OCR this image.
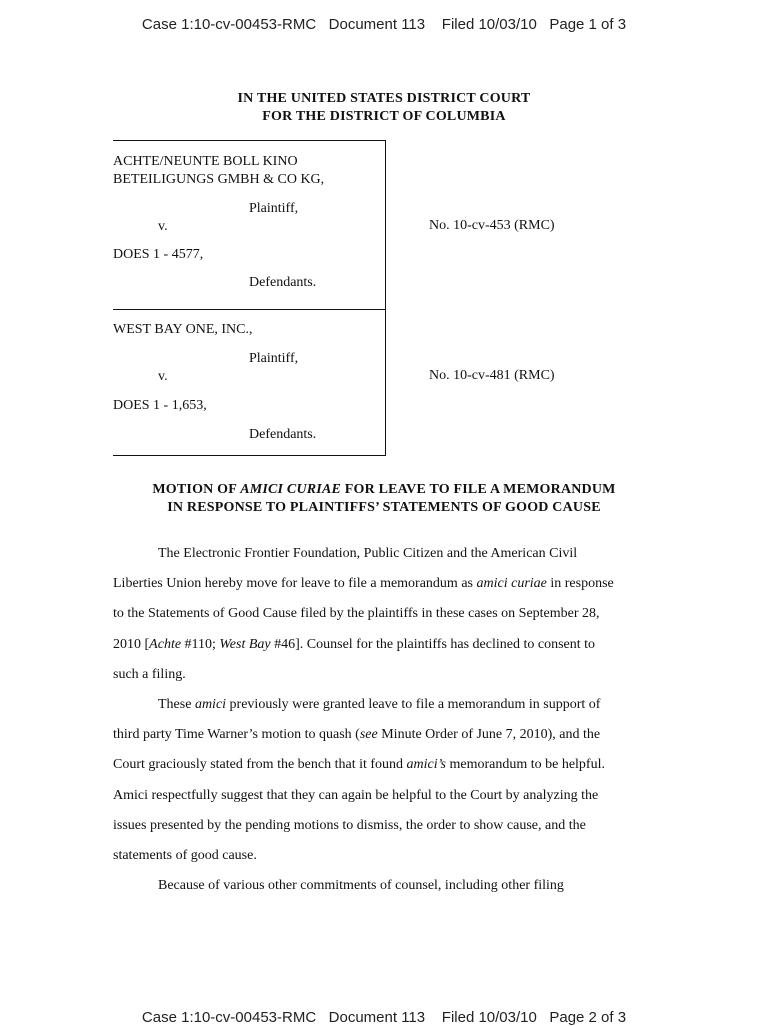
Case 1:10-cv-00453-RMC   Document 113    Filed 10/03/10   Page 1 of 3
IN THE UNITED STATES DISTRICT COURT
FOR THE DISTRICT OF COLUMBIA
ACHTE/NEUNTE BOLL KINO
BETEILIGUNGS GMBH & CO KG,
Plaintiff,
v.
DOES 1 - 4577,
Defendants.
WEST BAY ONE, INC.,
Plaintiff,
v.
DOES 1 - 1,653,
Defendants.
No. 10-cv-453 (RMC)
No. 10-cv-481 (RMC)
MOTION OF AMICI CURIAE FOR LEAVE TO FILE A MEMORANDUM
IN RESPONSE TO PLAINTIFFS’ STATEMENTS OF GOOD CAUSE

The Electronic Frontier Foundation, Public Citizen and the American Civil
Liberties Union hereby move for leave to file a memorandum as amici curiae in response
to the Statements of Good Cause filed by the plaintiffs in these cases on September 28,
2010 [Achte #110; West Bay #46]. Counsel for the plaintiffs has declined to consent to
such a filing.

These amici previously were granted leave to file a memorandum in support of
third party Time Warner’s motion to quash (see Minute Order of June 7, 2010), and the
Court graciously stated from the bench that it found amici’s memorandum to be helpful.
Amici respectfully suggest that they can again be helpful to the Court by analyzing the
issues presented by the pending motions to dismiss, the order to show cause, and the
statements of good cause.

Because of various other commitments of counsel, including other filing

Case 1:10-cv-00453-RMC   Document 113    Filed 10/03/10   Page 2 of 3
